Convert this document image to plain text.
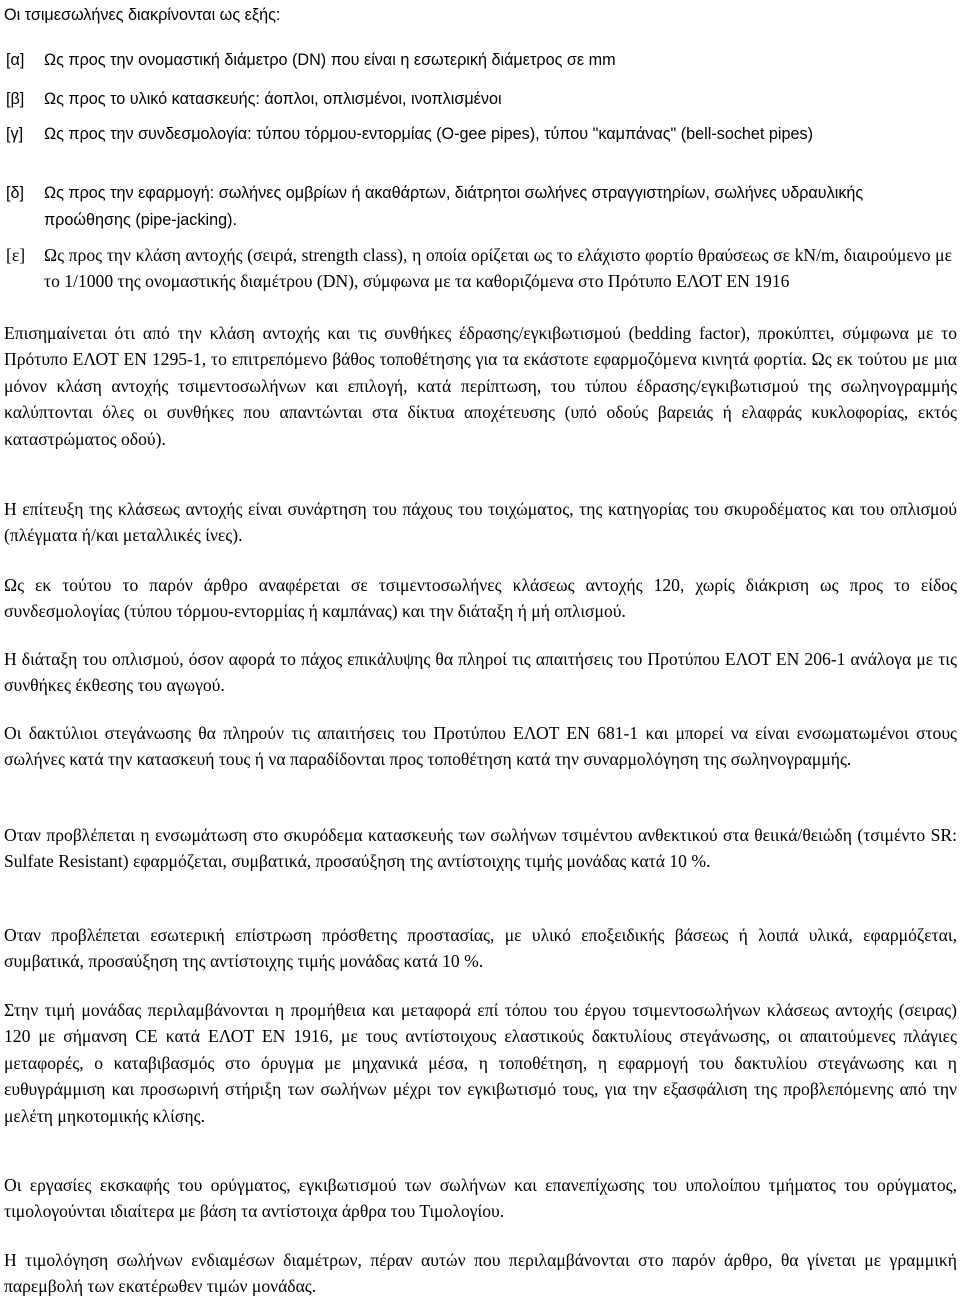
Οι τσιμεσωλήνες διακρίνονται ως εξής:
[α]	Ως προς την ονομαστική διάμετρο (DN) που είναι η εσωτερική διάμετρος σε mm
[β]	Ως προς το υλικό κατασκευής: άοπλοι, οπλισμένοι, ινοπλισμένοι
[γ]	Ως προς την συνδεσμολογία: τύπου τόρμου-εντορμίας (O-gee pipes), τύπου "καμπάνας" (bell-sochet pipes)
[δ]	Ως προς την εφαρμογή: σωλήνες ομβρίων ή ακαθάρτων, διάτρητοι σωλήνες στραγγιστηρίων, σωλήνες υδραυλικής προώθησης (pipe-jacking).
[ε]	Ως προς την κλάση αντοχής (σειρά, strength class), η οποία ορίζεται ως το ελάχιστο φορτίο θραύσεως σε kN/m, διαιρούμενο με το 1/1000 της ονομαστικής διαμέτρου (DN), σύμφωνα με τα καθοριζόμενα στο Πρότυπο ΕΛΟΤ ΕΝ 1916
Επισημαίνεται ότι από την κλάση αντοχής και τις συνθήκες έδρασης/εγκιβωτισμού (bedding factor), προκύπτει, σύμφωνα με το Πρότυπο ΕΛΟΤ ΕΝ 1295-1, το επιτρεπόμενο βάθος τοποθέτησης για τα εκάστοτε εφαρμοζόμενα κινητά φορτία. Ως εκ τούτου με μια μόνον κλάση αντοχής τσιμεντοσωλήνων και επιλογή, κατά περίπτωση, του τύπου έδρασης/εγκιβωτισμού της σωληνογραμμής καλύπτονται όλες οι συνθήκες που απαντώνται στα δίκτυα αποχέτευσης (υπό οδούς βαρειάς ή ελαφράς κυκλοφορίας, εκτός καταστρώματος οδού).
Η επίτευξη της κλάσεως αντοχής είναι συνάρτηση του πάχους του τοιχώματος, της κατηγορίας του σκυροδέματος και του οπλισμού (πλέγματα ή/και μεταλλικές ίνες).
Ως εκ τούτου το παρόν άρθρο αναφέρεται σε τσιμεντοσωλήνες κλάσεως αντοχής 120, χωρίς διάκριση ως προς το είδος συνδεσμολογίας (τύπου τόρμου-εντορμίας ή καμπάνας) και την διάταξη ή μή οπλισμού.
Η διάταξη του οπλισμού, όσον αφορά το πάχος επικάλυψης θα πληροί τις απαιτήσεις του Προτύπου ΕΛΟΤ ΕΝ 206-1 ανάλογα με τις συνθήκες έκθεσης του αγωγού.
Οι δακτύλιοι στεγάνωσης θα πληρούν τις απαιτήσεις του Προτύπου ΕΛΟΤ ΕΝ 681-1 και μπορεί να είναι ενσωματωμένοι στους σωλήνες κατά την κατασκευή τους ή να παραδίδονται προς τοποθέτηση κατά την συναρμολόγηση της σωληνογραμμής.
Οταν προβλέπεται η ενσωμάτωση στο σκυρόδεμα κατασκευής των σωλήνων τσιμέντου ανθεκτικού στα θειικά/θειώδη (τσιμέντο SR: Sulfate Resistant) εφαρμόζεται, συμβατικά, προσαύξηση της αντίστοιχης τιμής μονάδας κατά 10 %.
Οταν προβλέπεται εσωτερική επίστρωση πρόσθετης προστασίας, με υλικό εποξειδικής βάσεως ή λοιπά υλικά, εφαρμόζεται, συμβατικά, προσαύξηση της αντίστοιχης τιμής μονάδας κατά 10 %.
Στην τιμή μονάδας περιλαμβάνονται η προμήθεια και μεταφορά επί τόπου του έργου τσιμεντοσωλήνων κλάσεως αντοχής (σειρας) 120 με σήμανση CE κατά ΕΛΟΤ ΕΝ 1916, με τους αντίστοιχους ελαστικούς δακτυλίους στεγάνωσης, οι απαιτούμενες πλάγιες μεταφορές, ο καταβιβασμός στο όρυγμα με μηχανικά μέσα, η τοποθέτηση, η εφαρμογή του δακτυλίου στεγάνωσης και η ευθυγράμμιση και προσωρινή στήριξη των σωλήνων μέχρι τον εγκιβωτισμό τους, για την εξασφάλιση της προβλεπόμενης από την μελέτη μηκοτομικής κλίσης.
Οι εργασίες εκσκαφής του ορύγματος, εγκιβωτισμού των σωλήνων και επανεπίχωσης του υπολοίπου τμήματος του ορύγματος, τιμολογούνται ιδιαίτερα με βάση τα αντίστοιχα άρθρα του Τιμολογίου.
Η τιμολόγηση σωλήνων ενδιαμέσων διαμέτρων, πέραν αυτών που περιλαμβάνονται στο παρόν άρθρο, θα γίνεται με γραμμική παρεμβολή των εκατέρωθεν τιμών μονάδας.
